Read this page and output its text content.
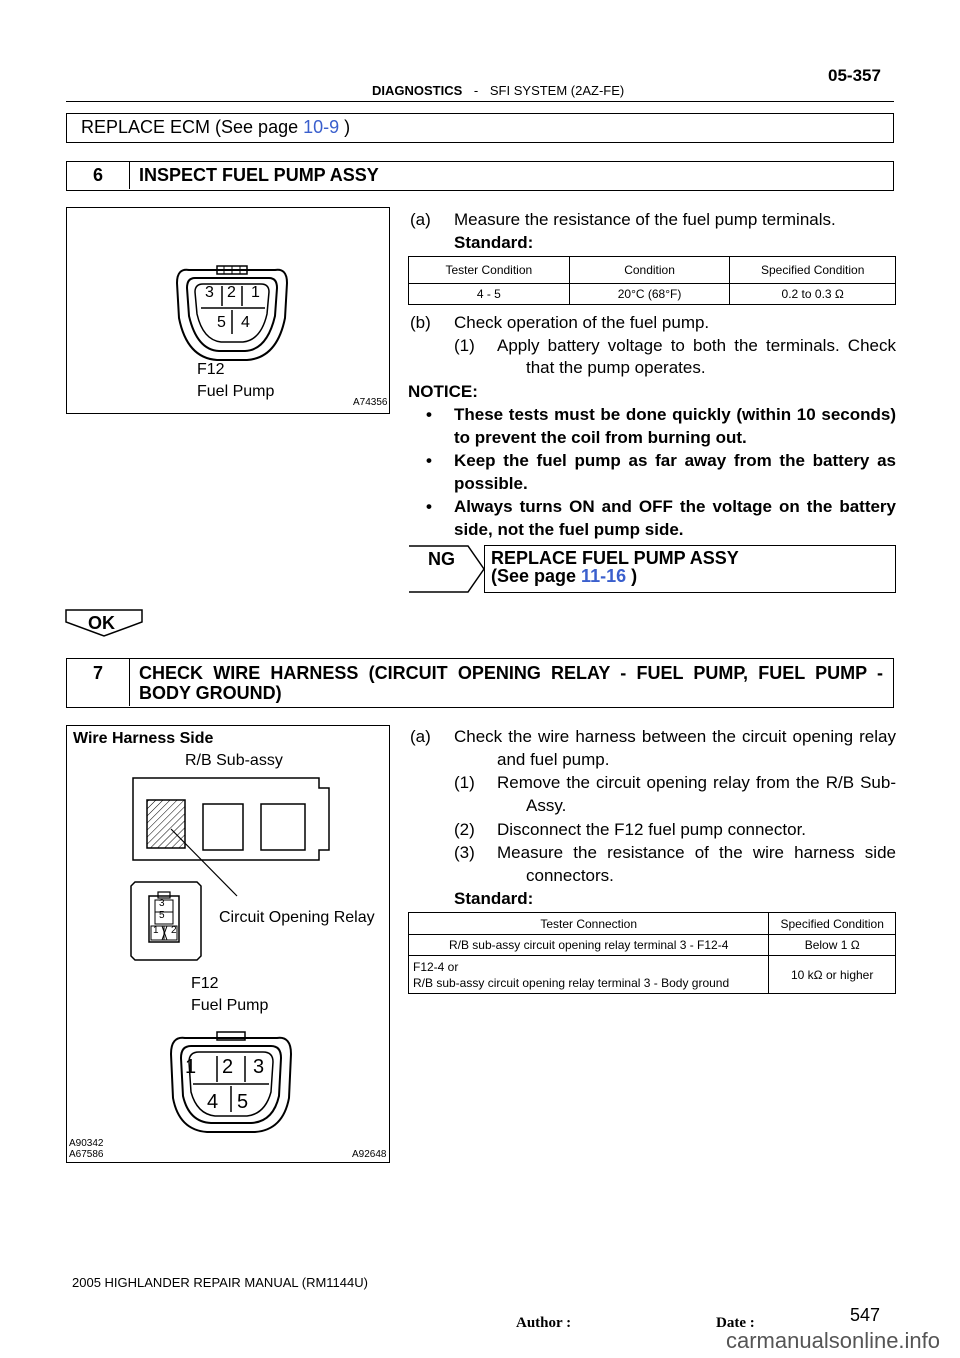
DIAGNOSTICS - SFI SYSTEM (2AZ-FE)
05-357
REPLACE ECM (See page 10-9 )
6	INSPECT FUEL PUMP ASSY
3 2 1
5 4
F12
Fuel Pump
A74356
(a) Measure the resistance of the fuel pump terminals.
Standard:
Tester Condition	Condition	Specified Condition
4 - 5	20°C (68°F)	0.2 to 0.3 Ω
(b) Check operation of the fuel pump.
(1) Apply battery voltage to both the terminals. Check
that the pump operates.
NOTICE:
• These tests must be done quickly (within 10 seconds)
to prevent the coil from burning out.
• Keep the fuel pump as far away from the battery as
possible.
• Always turns ON and OFF the voltage on the battery
side, not the fuel pump side.
NG REPLACE FUEL PUMP ASSY
(See page 11-16 )
OK
7	CHECK WIRE HARNESS (CIRCUIT OPENING RELAY - FUEL PUMP, FUEL PUMP -
BODY GROUND)
Wire Harness Side
R/B Sub-assy
3
5
1 2
Circuit Opening Relay
F12
Fuel Pump
1 2 3
4 5
A90342
A67586	A92648
(a) Check the wire harness between the circuit opening relay
and fuel pump.
(1) Remove the circuit opening relay from the R/B Sub-
Assy.
(2) Disconnect the F12 fuel pump connector.
(3) Measure the resistance of the wire harness side
connectors.
Standard:
Tester Connection	Specified Condition
R/B sub-assy circuit opening relay terminal 3 - F12-4	Below 1 Ω

F12-4 or
R/B sub-assy circuit opening relay terminal 3 - Body ground	10 kΩ or higher
2005 HIGHLANDER REPAIR MANUAL (RM1144U)
Author :	Date :	547
carmanualsonline.info
